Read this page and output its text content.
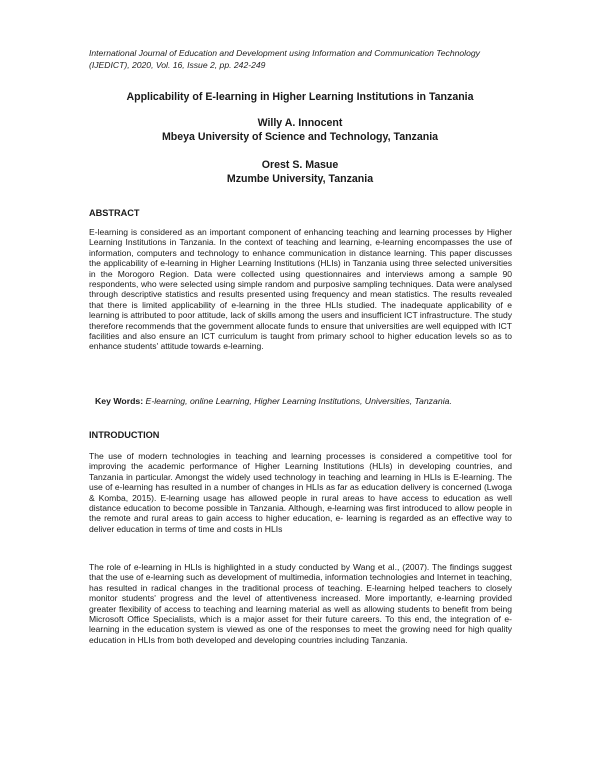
International Journal of Education and Development using Information and Communication Technology
(IJEDICT), 2020, Vol. 16, Issue 2, pp. 242-249
Applicability of E-learning in Higher Learning Institutions in Tanzania
Willy A. Innocent
Mbeya University of Science and Technology, Tanzania
Orest S. Masue
Mzumbe University, Tanzania
ABSTRACT
E-learning is considered as an important component of enhancing teaching and learning processes by Higher Learning Institutions in Tanzania. In the context of teaching and learning, e-learning encompasses the use of information, computers and technology to enhance communication in distance learning. This paper discusses the applicability of e-learning in Higher Learning Institutions (HLIs) in Tanzania using three selected universities in the Morogoro Region. Data were collected using questionnaires and interviews among a sample 90 respondents, who were selected using simple random and purposive sampling techniques. Data were analysed through descriptive statistics and results presented using frequency and mean statistics. The results revealed that there is limited applicability of e-learning in the three HLIs studied. The inadequate applicability of e learning is attributed to poor attitude, lack of skills among the users and insufficient ICT infrastructure. The study therefore recommends that the government allocate funds to ensure that universities are well equipped with ICT facilities and also ensure an ICT curriculum is taught from primary school to higher education levels so as to enhance students' attitude towards e-learning.
Key Words: E-learning, online Learning, Higher Learning Institutions, Universities, Tanzania.
INTRODUCTION
The use of modern technologies in teaching and learning processes is considered a competitive tool for improving the academic performance of Higher Learning Institutions (HLIs) in developing countries, and Tanzania in particular. Amongst the widely used technology in teaching and learning in HLIs is E-learning. The use of e-learning has resulted in a number of changes in HLIs as far as education delivery is concerned (Lwoga & Komba, 2015). E-learning usage has allowed people in rural areas to have access to education as well distance education to become possible in Tanzania. Although, e-learning was first introduced to allow people in the remote and rural areas to gain access to higher education, e- learning is regarded as an effective way to deliver education in terms of time and costs in HLIs
The role of e-learning in HLIs is highlighted in a study conducted by Wang et al., (2007). The findings suggest that the use of e-learning such as development of multimedia, information technologies and Internet in teaching, has resulted in radical changes in the traditional process of teaching. E-learning helped teachers to closely monitor students' progress and the level of attentiveness increased. More importantly, e-learning provided greater flexibility of access to teaching and learning material as well as allowing students to benefit from being Microsoft Office Specialists, which is a major asset for their future careers. To this end, the integration of e-learning in the education system is viewed as one of the responses to meet the growing need for high quality education in HLIs from both developed and developing countries including Tanzania.
